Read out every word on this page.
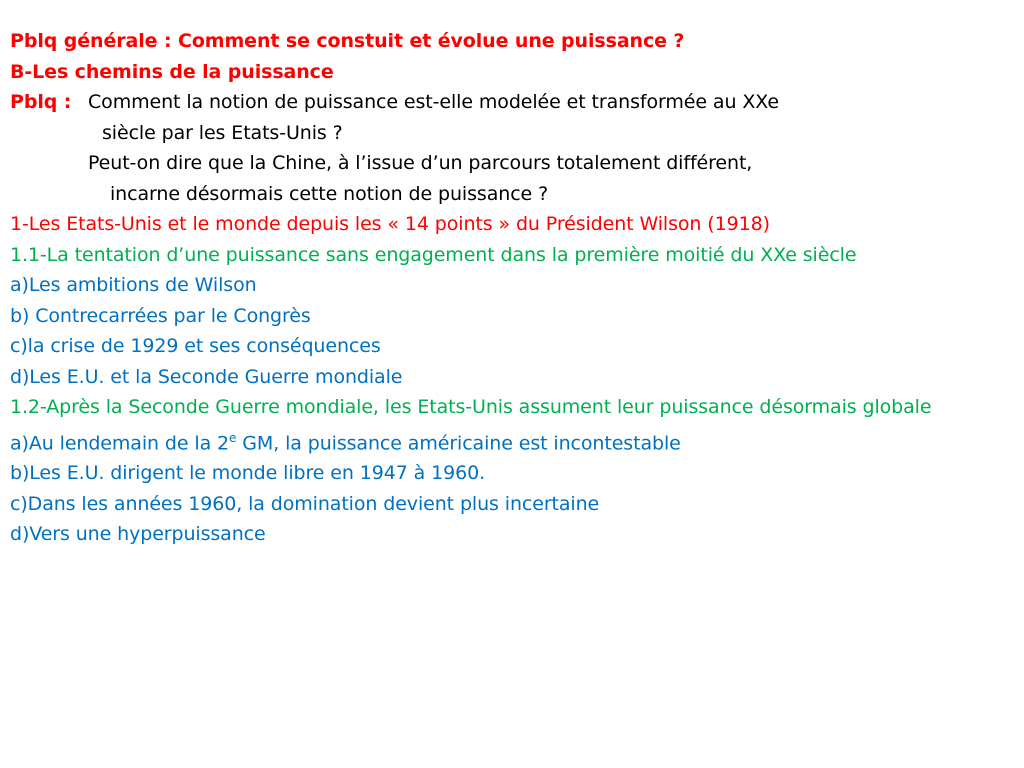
Pblq générale : Comment se constuit et évolue une puissance ?
B-Les chemins de la puissance
Pblq : Comment la notion de puissance est-elle modelée et transformée au XXe
siècle par les Etats-Unis ?
Peut-on dire que la Chine, à l’issue d’un parcours totalement différent,
incarne désormais cette notion de puissance ?
1-Les Etats-Unis et le monde depuis les « 14 points » du Président Wilson (1918)
1.1-La tentation d’une puissance sans engagement dans la première moitié du XXe siècle
a)Les ambitions de Wilson
b) Contrecarrées par le Congrès
c)la crise de 1929 et ses conséquences
d)Les E.U. et la Seconde Guerre mondiale
1.2-Après la Seconde Guerre mondiale, les Etats-Unis assument leur puissance désormais globale
a)Au lendemain de la 2e GM, la puissance américaine est incontestable
b)Les E.U. dirigent le monde libre en 1947 à 1960.
c)Dans les années 1960, la domination devient plus incertaine
d)Vers une hyperpuissance
